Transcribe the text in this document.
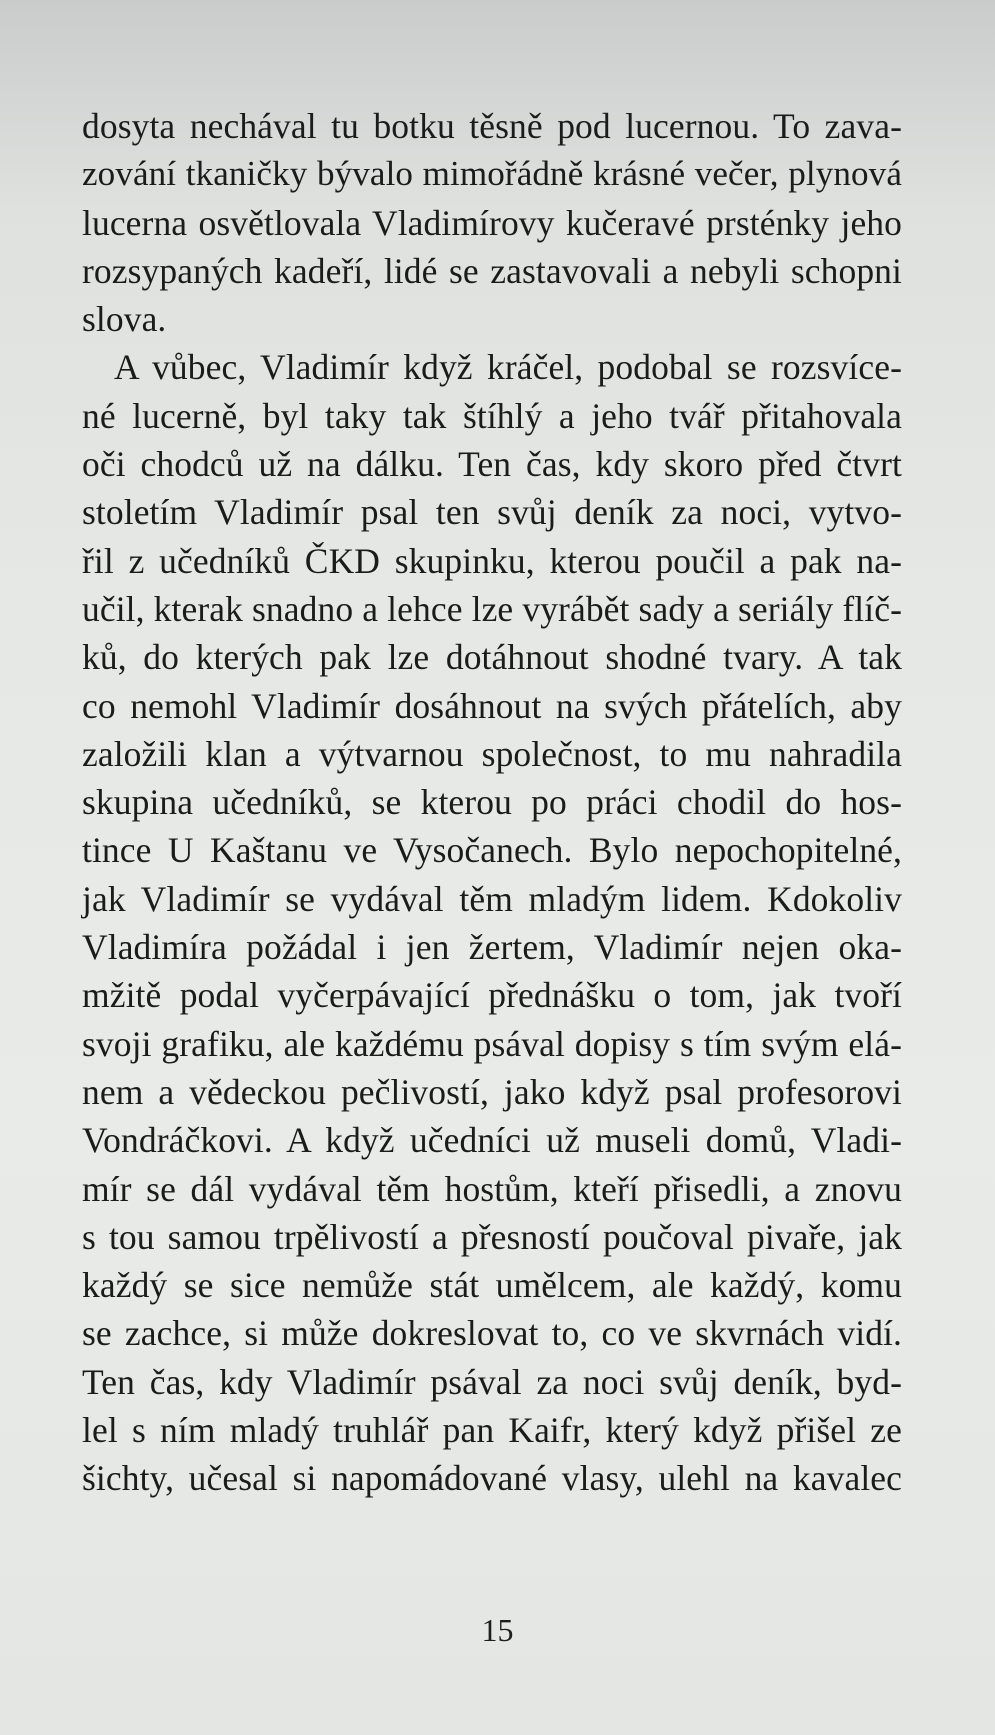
dosyta nechával tu botku těsně pod lucernou. To zava-
zování tkaničky bývalo mimořádně krásné večer, plynová
lucerna osvětlovala Vladimírovy kučeravé prsténky jeho
rozsypaných kadeří, lidé se zastavovali a nebyli schopni
slova.
A vůbec, Vladimír když kráčel, podobal se rozsvíce-
né lucerně, byl taky tak štíhlý a jeho tvář přitahovala
oči chodců už na dálku. Ten čas, kdy skoro před čtvrt
stoletím Vladimír psal ten svůj deník za noci, vytvo-
řil z učedníků ČKD skupinku, kterou poučil a pak na-
učil, kterak snadno a lehce lze vyrábět sady a seriály flíč-
ků, do kterých pak lze dotáhnout shodné tvary. A tak
co nemohl Vladimír dosáhnout na svých přátelích, aby
založili klan a výtvarnou společnost, to mu nahradila
skupina učedníků, se kterou po práci chodil do hos-
tince U Kaštanu ve Vysočanech. Bylo nepochopitelné,
jak Vladimír se vydával těm mladým lidem. Kdokoliv
Vladimíra požádal i jen žertem, Vladimír nejen oka-
mžitě podal vyčerpávající přednášku o tom, jak tvoří
svoji grafiku, ale každému psával dopisy s tím svým elá-
nem a vědeckou pečlivostí, jako když psal profesorovi
Vondráčkovi. A když učedníci už museli domů, Vladi-
mír se dál vydával těm hostům, kteří přisedli, a znovu
s tou samou trpělivostí a přesností poučoval pivaře, jak
každý se sice nemůže stát umělcem, ale každý, komu
se zachce, si může dokreslovat to, co ve skvrnách vidí.
Ten čas, kdy Vladimír psával za noci svůj deník, byd-
lel s ním mladý truhlář pan Kaifr, který když přišel ze
šichty, učesal si napomádované vlasy, ulehl na kavalec
15
